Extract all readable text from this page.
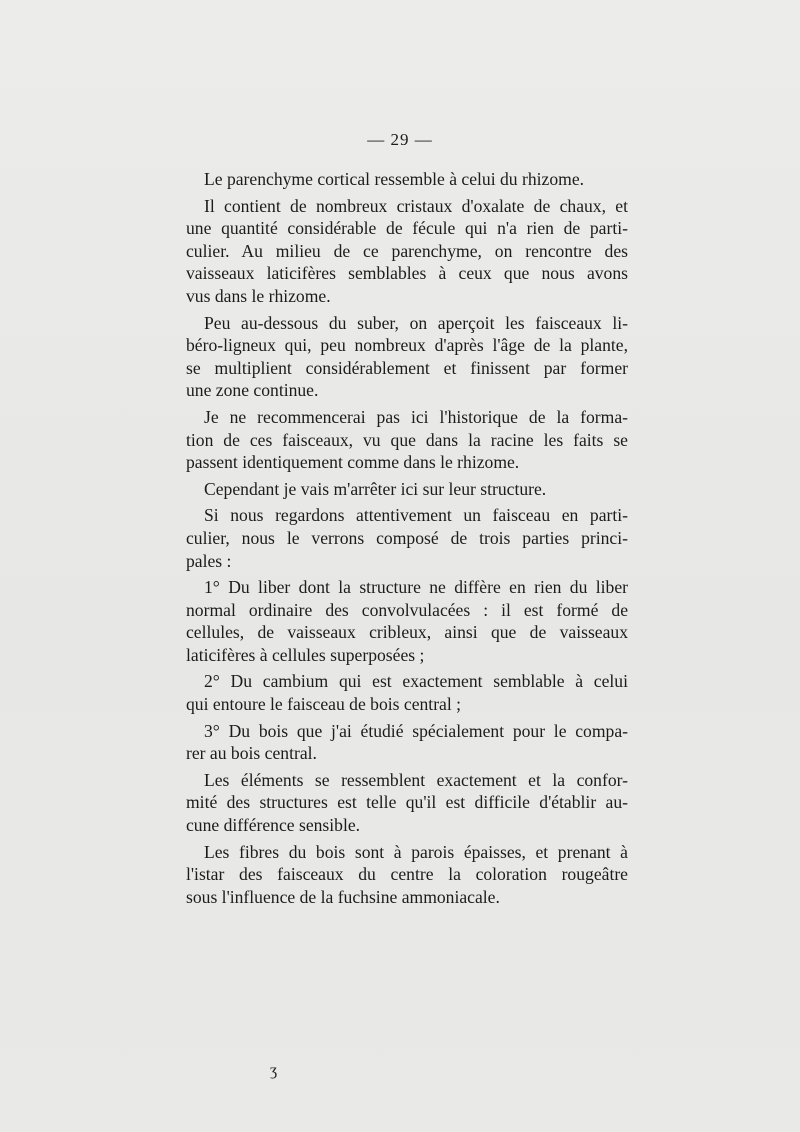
— 29 —
Le parenchyme cortical ressemble à celui du rhizome.
Il contient de nombreux cristaux d'oxalate de chaux, et
une quantité considérable de fécule qui n'a rien de parti-
culier. Au milieu de ce parenchyme, on rencontre des
vaisseaux laticifères semblables à ceux que nous avons
vus dans le rhizome.
Peu au-dessous du suber, on aperçoit les faisceaux li-
béro-ligneux qui, peu nombreux d'après l'âge de la plante,
se multiplient considérablement et finissent par former
une zone continue.
Je ne recommencerai pas ici l'historique de la forma-
tion de ces faisceaux, vu que dans la racine les faits se
passent identiquement comme dans le rhizome.
Cependant je vais m'arrêter ici sur leur structure.
Si nous regardons attentivement un faisceau en parti-
culier, nous le verrons composé de trois parties princi-
pales :
1° Du liber dont la structure ne diffère en rien du liber
normal ordinaire des convolvulacées : il est formé de
cellules, de vaisseaux cribleux, ainsi que de vaisseaux
laticifères à cellules superposées ;
2° Du cambium qui est exactement semblable à celui
qui entoure le faisceau de bois central ;
3° Du bois que j'ai étudié spécialement pour le compa-
rer au bois central.
Les éléments se ressemblent exactement et la confor-
mité des structures est telle qu'il est difficile d'établir au-
cune différence sensible.
Les fibres du bois sont à parois épaisses, et prenant à
l'istar des faisceaux du centre la coloration rougeâtre
sous l'influence de la fuchsine ammoniacale.
ʒ
